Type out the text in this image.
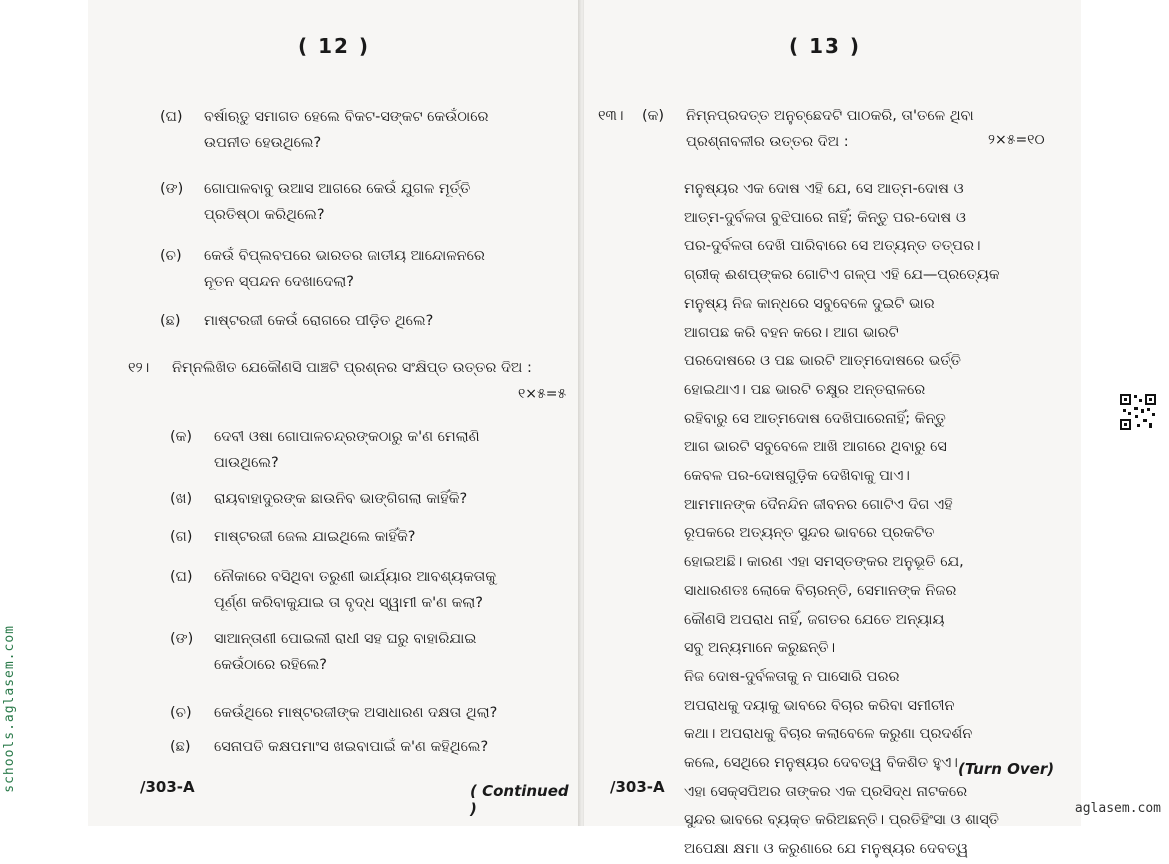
( 12 )
(ଘ) ବର୍ଷାଋତୁ ସମାଗତ ହେଲେ ବିକଟ-ସଙ୍କଟ କେଉଁଠାରେ
ଉପନୀତ ହେଉଥିଲେ?
(ଙ) ଗୋପାଳବାବୁ ଉଆସ ଆଗରେ କେଉଁ ଯୁଗଳ ମୂର୍ତ୍ତି
ପ୍ରତିଷ୍ଠା କରିଥିଲେ?
(ଚ) କେଉଁ ବିପ୍ଲବପରେ ଭାରତର ଜାତୀୟ ଆନ୍ଦୋଳନରେ
ନୂତନ ସ୍ପନ୍ଦନ ଦେଖାଦେଲା?
(ଛ) ମାଷ୍ଟରଜୀ କେଉଁ ରୋଗରେ ପୀଡ଼ିତ ଥିଲେ?
୧୨। ନିମ୍ନଲିଖିତ ଯେକୌଣସି ପାଞ୍ଚଟି ପ୍ରଶ୍ନର ସଂକ୍ଷିପ୍ତ ଉତ୍ତର ଦିଅ :
୧×୫=୫
(କ) ଦେବୀ ଓଷା ଗୋପାଳଚନ୍ଦ୍ରଙ୍କଠାରୁ କ'ଣ ମେଲାଣି
ପାଉଥିଲେ?
(ଖ) ରାୟବାହାଦୁରଙ୍କ ଛାଉନିବ ଭାଙ୍ଗିଗଲା କାହିଁକି?
(ଗ) ମାଷ୍ଟରଜୀ ଜେଲ ଯାଇଥିଲେ କାହିଁକି?
(ଘ) ନୌକାରେ ବସିଥିବା ତରୁଣୀ ଭାର୍ଯ୍ୟାର ଆବଶ୍ୟକତାକୁ
ପୂର୍ଣ୍ଣ କରିବାକୁଯାଇ ତା ବୃଦ୍ଧ ସ୍ୱାମୀ କ'ଣ କଲା?
(ଙ) ସାଆନ୍ତାଣୀ ପୋଇଲୀ ରାଧୀ ସହ ଘରୁ ବାହାରିଯାଇ
କେଉଁଠାରେ ରହିଲେ?
(ଚ) କେଉଁଥିରେ ମାଷ୍ଟରଜୀଙ୍କ ଅସାଧାରଣ ଦକ୍ଷତା ଥିଲା?
(ଛ) ସେନାପତି କକ୍ଷପମାଂସ ଖଇବାପାଇଁ କ'ଣ କହିଥିଲେ?
/303-A	( Continued )
( 13 )
୧୩। (କ) ନିମ୍ନପ୍ରଦତ୍ତ ଅନୁଚ୍ଛେଦଟି ପାଠକରି, ତା'ତଳେ ଥିବା
ପ୍ରଶ୍ନାବଳୀର ଉତ୍ତର ଦିଅ :	୨×୫=୧୦
ମନୁଷ୍ୟର ଏକ ଦୋଷ ଏହି ଯେ, ସେ ଆତ୍ମ-ଦୋଷ ଓ
ଆତ୍ମ-ଦୁର୍ବଳତା ବୁଝିପାରେ ନାହିଁ; କିନ୍ତୁ ପର-ଦୋଷ ଓ
ପର-ଦୁର୍ବଳତା ଦେଖି ପାରିବାରେ ସେ ଅତ୍ୟନ୍ତ ତତ୍ପର।
ଗ୍ରୀକ୍ ଈଶପ୍‌ଙ୍କର ଗୋଟିଏ ଗଳ୍ପ ଏହି ଯେ—ପ୍ରତ୍ୟେକ
ମନୁଷ୍ୟ ନିଜ କାନ୍ଧରେ ସବୁବେଳେ ଦୁଇଟି ଭାର
ଆଗପଛ କରି ବହନ କରେ। ଆଗ ଭାରଟି
ପରଦୋଷରେ ଓ ପଛ ଭାରଟି ଆତ୍ମଦୋଷରେ ଭର୍ତ୍ତି
ହୋଇଥାଏ। ପଛ ଭାରଟି ଚକ୍ଷୁର ଅନ୍ତରାଳରେ
ରହିବାରୁ ସେ ଆତ୍ମଦୋଷ ଦେଖିପାରେନାହିଁ; କିନ୍ତୁ
ଆଗ ଭାରଟି ସବୁବେଳେ ଆଖି ଆଗରେ ଥିବାରୁ ସେ
କେବଳ ପର-ଦୋଷଗୁଡ଼ିକ ଦେଖିବାକୁ ପାଏ।
ଆମମାନଙ୍କ ଦୈନନ୍ଦିନ ଜୀବନର ଗୋଟିଏ ଦିଗ ଏହି
ରୂପକରେ ଅତ୍ୟନ୍ତ ସୁନ୍ଦର ଭାବରେ ପ୍ରକଟିତ
ହୋଇଅଛି। କାରଣ ଏହା ସମସ୍ତଙ୍କର ଅନୁଭୂତି ଯେ,
ସାଧାରଣତଃ ଲୋକେ ବିଚାରନ୍ତି, ସେମାନଙ୍କ ନିଜର
କୌଣସି ଅପରାଧ ନାହିଁ, ଜଗତର ଯେତେ ଅନ୍ୟାୟ
ସବୁ ଅନ୍ୟମାନେ କରୁଛନ୍ତି।
ନିଜ ଦୋଷ-ଦୁର୍ବଳତାକୁ ନ ପାସୋରି ପରର
ଅପରାଧକୁ ଦୟାକୁ ଭାବରେ ବିଚାର କରିବା ସମୀଚୀନ
କଥା। ଅପରାଧକୁ ବିଚାର କଲାବେଳେ କରୁଣା ପ୍ରଦର୍ଶନ
କଲେ, ସେଥିରେ ମନୁଷ୍ୟର ଦେବତ୍ୱ ବିକଶିତ ହୁଏ।
ଏହା ସେକ୍ସପିଅର ତାଙ୍କର ଏକ ପ୍ରସିଦ୍ଧ ନାଟକରେ
ସୁନ୍ଦର ଭାବରେ ବ୍ୟକ୍ତ କରିଅଛନ୍ତି। ପ୍ରତିହିଂସା ଓ ଶାସ୍ତି
ଅପେକ୍ଷା କ୍ଷମା ଓ କରୁଣାରେ ଯେ ମନୁଷ୍ୟର ଦେବତ୍ୱ
/303-A
(Turn Over)
schools.aglasem.com
aglasem.com
